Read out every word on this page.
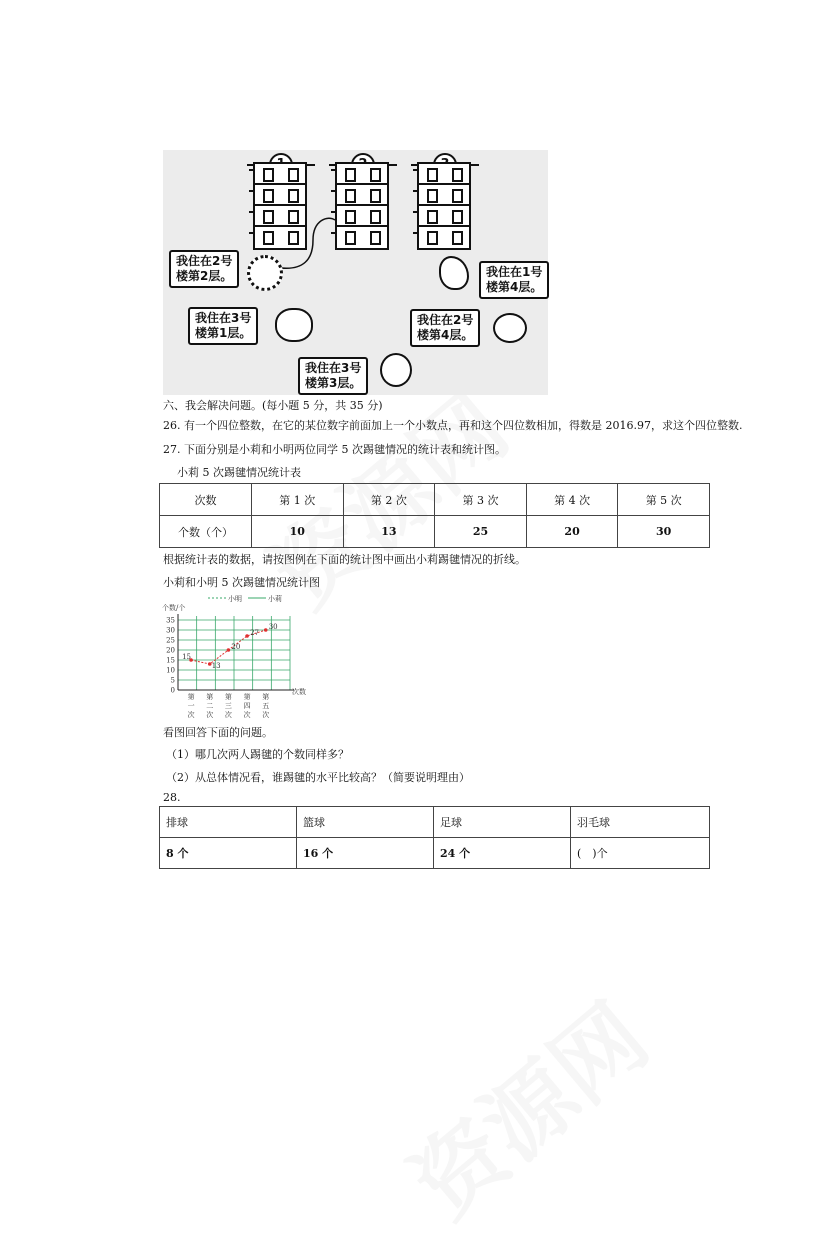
我住在2号
楼第2层。	我住在1号
楼第4层。
我住在3号
楼第1层。
我住在2号
楼第4层。
我住在3号
楼第3层。
六、我会解决问题。(每小题 5 分，共 35 分)
26. 有一个四位整数，在它的某位数字前面加上一个小数点，再和这个四位数相加，得数是 2016.97，求这个四位整数.
27. 下面分别是小莉和小明两位同学 5 次踢毽情况的统计表和统计图。
小莉 5 次踢毽情况统计表
次数	第 1 次	第 2 次	第 3 次	第 4 次	第 5 次
个数（个）	10	13	25	20	30
根据统计表的数据，请按图例在下面的统计图中画出小莉踢毽情况的折线。
小莉和小明 5 次踢毽情况统计图
小明	小莉
个数/个
0
5
10
15
20
25
30
35
次数
第
一
次
第
二
次
第
三
次
第
四
次
第
五
次
15
13
20
27
30
看图回答下面的问题。
（1）哪几次两人踢毽的个数同样多？
（2）从总体情况看，谁踢毽的水平比较高？（简要说明理由）
28.
排球	篮球	足球	羽毛球
8 个	16 个	24 个	(　)个
